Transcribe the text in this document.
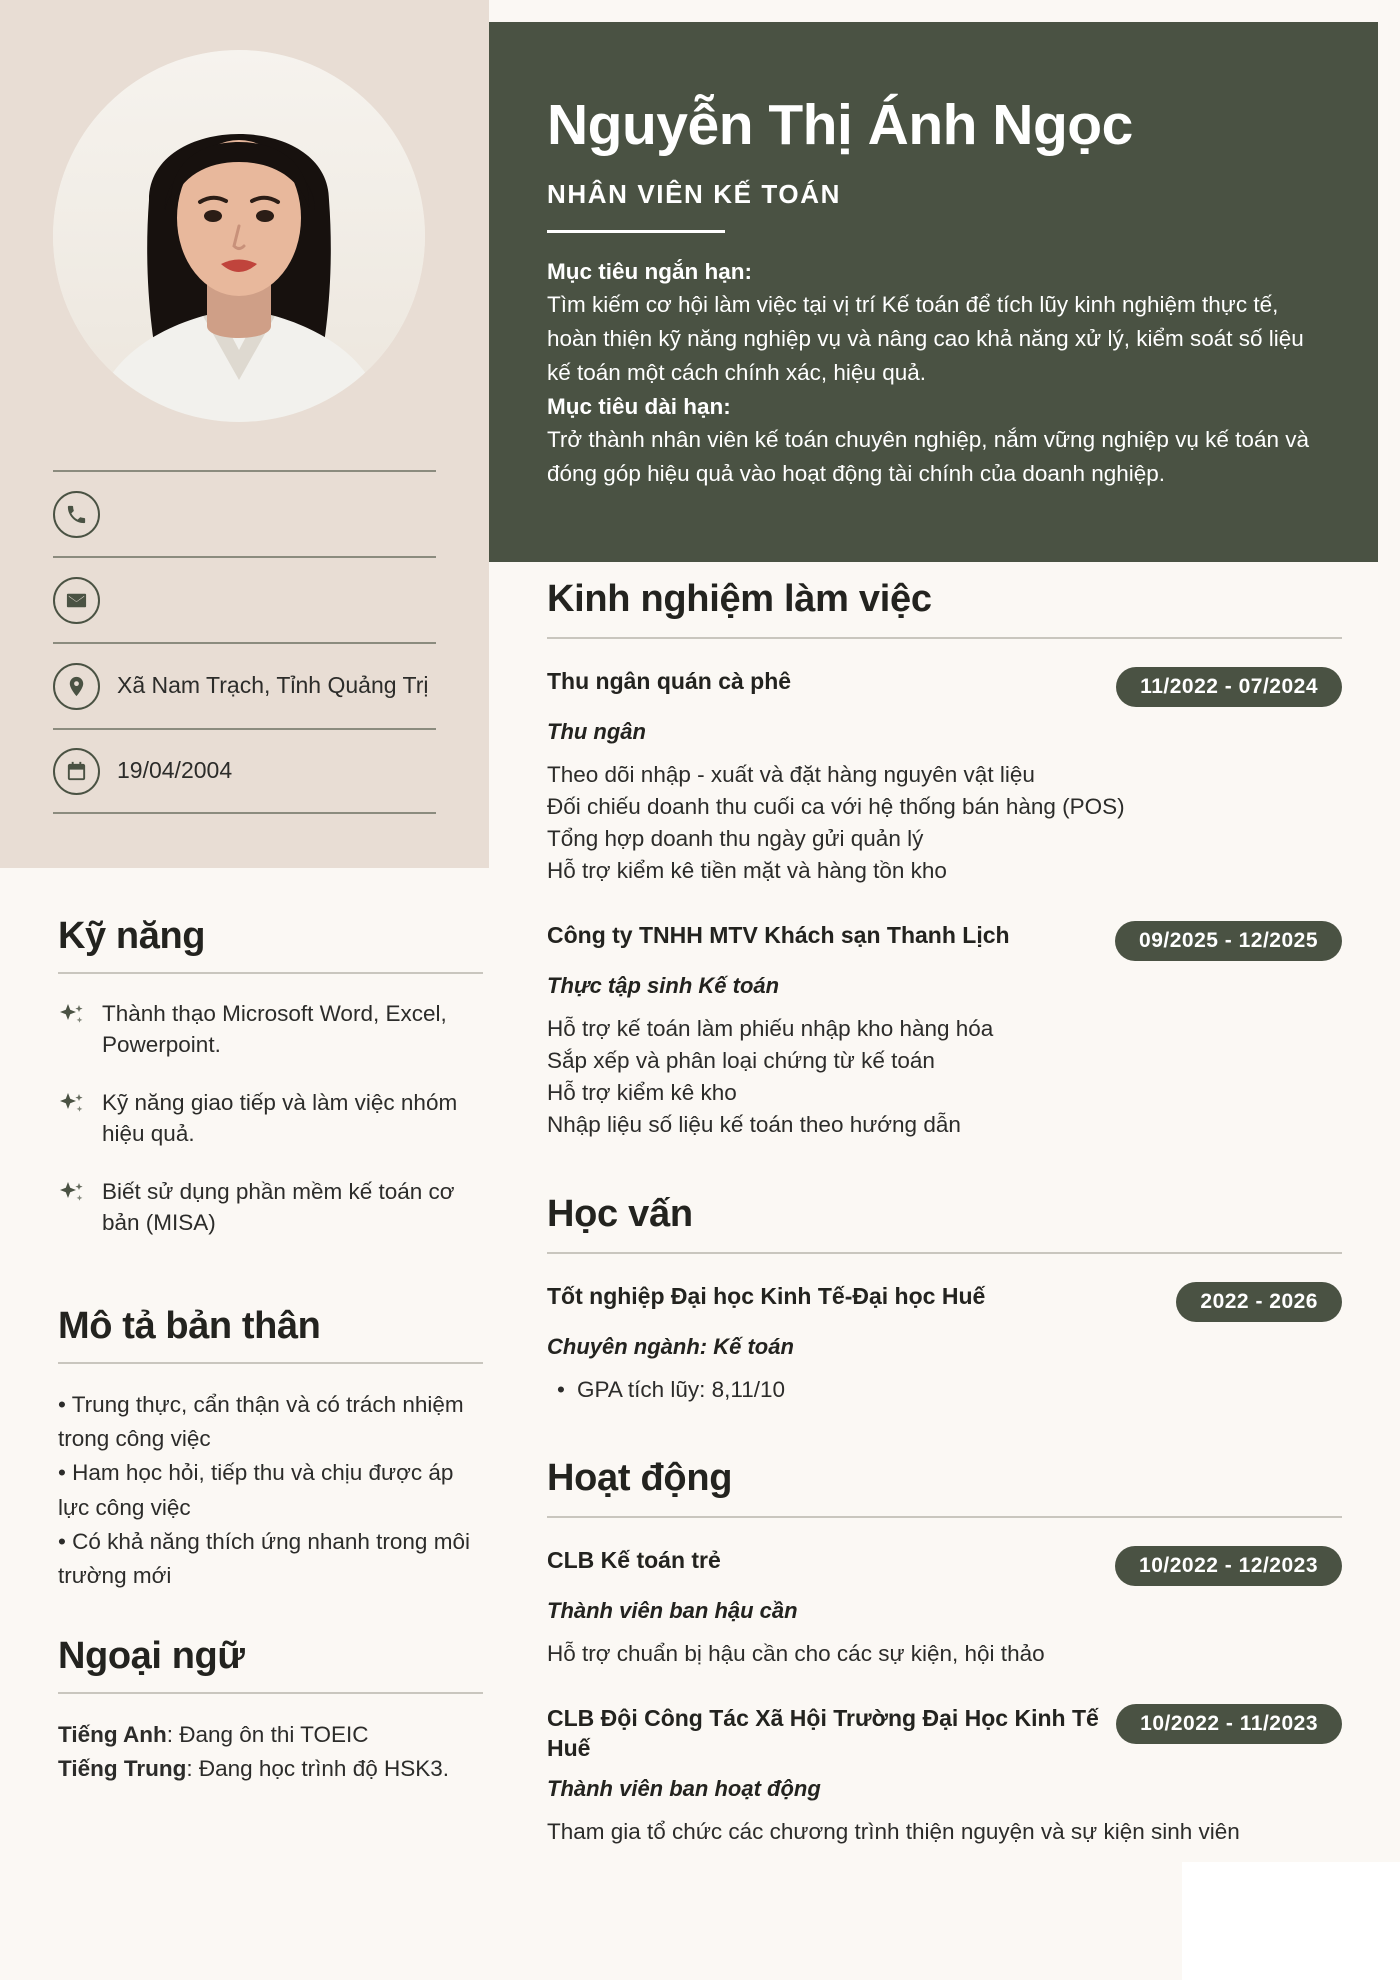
Xã Nam Trạch, Tỉnh Quảng Trị
19/04/2004
Kỹ năng
Thành thạo Microsoft Word, Excel, Powerpoint.
Kỹ năng giao tiếp và làm việc nhóm hiệu quả.
Biết sử dụng phần mềm kế toán cơ bản (MISA)
Mô tả bản thân
• Trung thực, cẩn thận và có trách nhiệm trong công việc
• Ham học hỏi, tiếp thu và chịu được áp lực công việc
• Có khả năng thích ứng nhanh trong môi trường mới
Ngoại ngữ
Tiếng Anh: Đang ôn thi TOEIC
Tiếng Trung: Đang học trình độ HSK3.
Nguyễn Thị Ánh Ngọc
NHÂN VIÊN KẾ TOÁN
Mục tiêu ngắn hạn:
Tìm kiếm cơ hội làm việc tại vị trí Kế toán để tích lũy kinh nghiệm thực tế, hoàn thiện kỹ năng nghiệp vụ và nâng cao khả năng xử lý, kiểm soát số liệu kế toán một cách chính xác, hiệu quả.
Mục tiêu dài hạn:
Trở thành nhân viên kế toán chuyên nghiệp, nắm vững nghiệp vụ kế toán và đóng góp hiệu quả vào hoạt động tài chính của doanh nghiệp.
Kinh nghiệm làm việc
Thu ngân quán cà phê	11/2022 - 07/2024
Thu ngân
Theo dõi nhập - xuất và đặt hàng nguyên vật liệu
Đối chiếu doanh thu cuối ca với hệ thống bán hàng (POS)
Tổng hợp doanh thu ngày gửi quản lý
Hỗ trợ kiểm kê tiền mặt và hàng tồn kho
Công ty TNHH MTV Khách sạn Thanh Lịch	09/2025 - 12/2025
Thực tập sinh Kế toán
Hỗ trợ kế toán làm phiếu nhập kho hàng hóa
Sắp xếp và phân loại chứng từ kế toán
Hỗ trợ kiểm kê kho
Nhập liệu số liệu kế toán theo hướng dẫn
Học vấn
Tốt nghiệp Đại học Kinh Tế-Đại học Huế	2022 - 2026
Chuyên ngành: Kế toán
• GPA tích lũy: 8,11/10
Hoạt động
CLB Kế toán trẻ	10/2022 - 12/2023
Thành viên ban hậu cần
Hỗ trợ chuẩn bị hậu cần cho các sự kiện, hội thảo
CLB Đội Công Tác Xã Hội Trường Đại Học Kinh Tế Huế
10/2022 - 11/2023
Thành viên ban hoạt động
Tham gia tổ chức các chương trình thiện nguyện và sự kiện sinh viên
